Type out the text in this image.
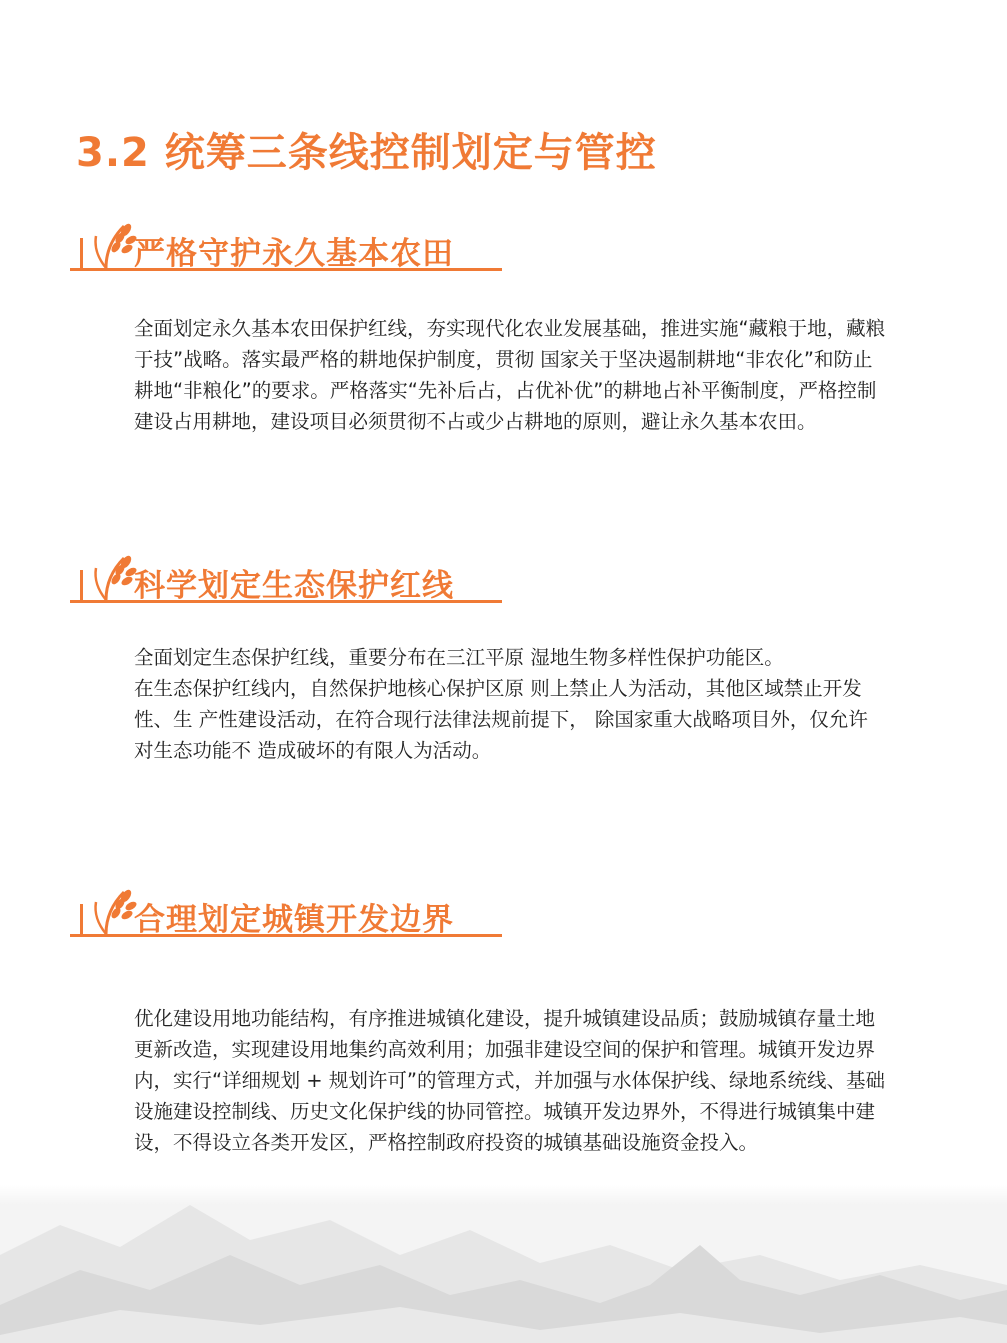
3.2 统筹三条线控制划定与管控
严格守护永久基本农田

全面划定永久基本农田保护红线，夯实现代化农业发展基础，推进实施“藏粮于地，藏粮于技”战略。落实最严格的耕地保护制度，贯彻 国家关于坚决遏制耕地“非农化”和防止耕地“非粮化”的要求。严格落实“先补后占，占优补优”的耕地占补平衡制度，严格控制建设占用耕地，建设项目必须贯彻不占或少占耕地的原则，避让永久基本农田。

科学划定生态保护红线

全面划定生态保护红线，重要分布在三江平原 湿地生物多样性保护功能区。

在生态保护红线内，自然保护地核心保护区原 则上禁止人为活动，其他区域禁止开发性、生 产性建设活动，在符合现行法律法规前提下， 除国家重大战略项目外，仅允许对生态功能不 造成破坏的有限人为活动。

合理划定城镇开发边界

优化建设用地功能结构，有序推进城镇化建设，提升城镇建设品质；鼓励城镇存量土地更新改造，实现建设用地集约高效利用；加强非建设空间的保护和管理。城镇开发边界内，实行“详细规划 + 规划许可”的管理方式，并加强与水体保护线、绿地系统线、基础设施建设控制线、历史文化保护线的协同管控。城镇开发边界外，不得进行城镇集中建设，不得设立各类开发区，严格控制政府投资的城镇基础设施资金投入。
